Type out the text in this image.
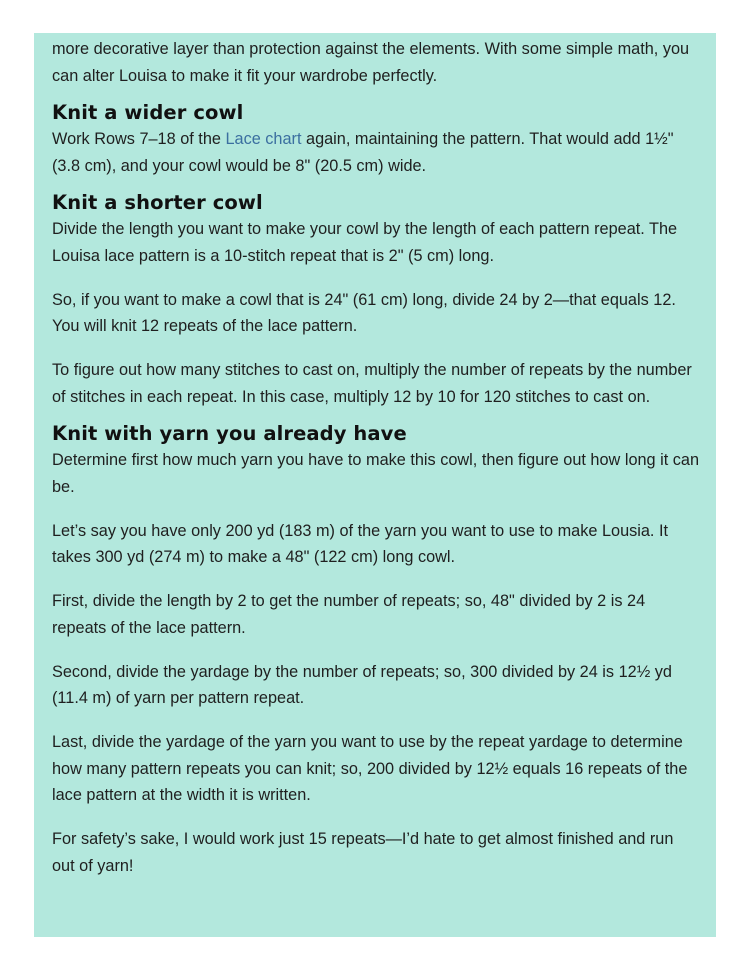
more decorative layer than protection against the elements. With some simple math, you can alter Louisa to make it fit your wardrobe perfectly.

Knit a wider cowl

Work Rows 7–18 of the Lace chart again, maintaining the pattern. That would add 1½" (3.8 cm), and your cowl would be 8" (20.5 cm) wide.

Knit a shorter cowl

Divide the length you want to make your cowl by the length of each pattern repeat. The Louisa lace pattern is a 10-stitch repeat that is 2" (5 cm) long.

So, if you want to make a cowl that is 24" (61 cm) long, divide 24 by 2—that equals 12. You will knit 12 repeats of the lace pattern.

To figure out how many stitches to cast on, multiply the number of repeats by the number of stitches in each repeat. In this case, multiply 12 by 10 for 120 stitches to cast on.

Knit with yarn you already have

Determine first how much yarn you have to make this cowl, then figure out how long it can be.

Let’s say you have only 200 yd (183 m) of the yarn you want to use to make Lousia. It takes 300 yd (274 m) to make a 48" (122 cm) long cowl.

First, divide the length by 2 to get the number of repeats; so, 48" divided by 2 is 24 repeats of the lace pattern.

Second, divide the yardage by the number of repeats; so, 300 divided by 24 is 12½ yd (11.4 m) of yarn per pattern repeat.

Last, divide the yardage of the yarn you want to use by the repeat yardage to determine how many pattern repeats you can knit; so, 200 divided by 12½ equals 16 repeats of the lace pattern at the width it is written.

For safety’s sake, I would work just 15 repeats—I’d hate to get almost finished and run out of yarn!
